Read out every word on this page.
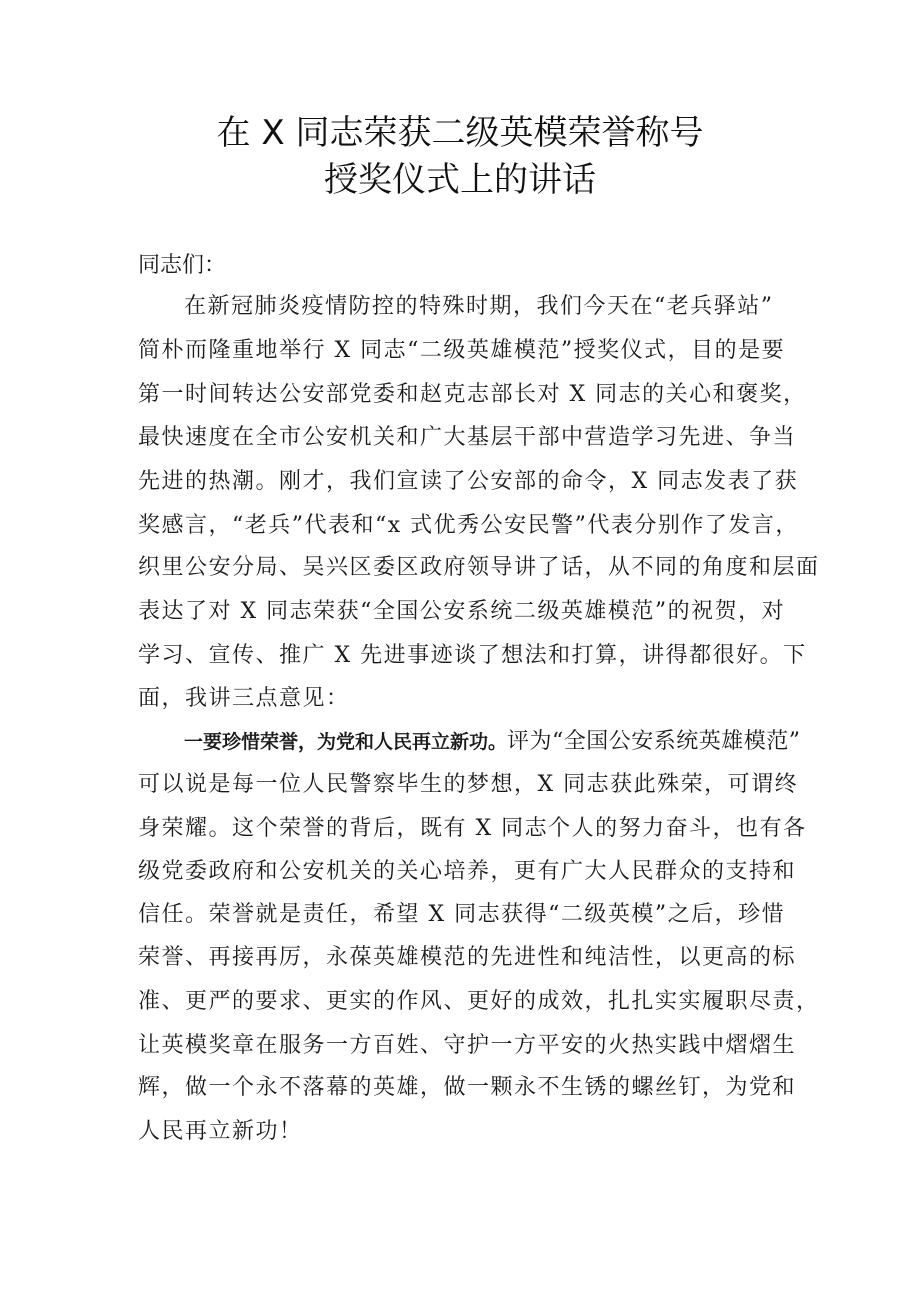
在 X 同志荣获二级英模荣誉称号
授奖仪式上的讲话
同志们：
在新冠肺炎疫情防控的特殊时期，我们今天在“老兵驿站”
简朴而隆重地举行 X 同志“二级英雄模范”授奖仪式，目的是要
第一时间转达公安部党委和赵克志部长对 X 同志的关心和褒奖，
最快速度在全市公安机关和广大基层干部中营造学习先进、争当
先进的热潮。刚才，我们宣读了公安部的命令，X 同志发表了获
奖感言，“老兵”代表和“x 式优秀公安民警”代表分别作了发言，
织里公安分局、吴兴区委区政府领导讲了话，从不同的角度和层面
表达了对 X 同志荣获“全国公安系统二级英雄模范”的祝贺，对
学习、宣传、推广 X 先进事迹谈了想法和打算，讲得都很好。下
面，我讲三点意见：
一要珍惜荣誉，为党和人民再立新功。评为“全国公安系统英雄模范”
可以说是每一位人民警察毕生的梦想，X 同志获此殊荣，可谓终
身荣耀。这个荣誉的背后，既有 X 同志个人的努力奋斗，也有各
级党委政府和公安机关的关心培养，更有广大人民群众的支持和
信任。荣誉就是责任，希望 X 同志获得“二级英模”之后，珍惜
荣誉、再接再厉，永葆英雄模范的先进性和纯洁性，以更高的标
准、更严的要求、更实的作风、更好的成效，扎扎实实履职尽责，
让英模奖章在服务一方百姓、守护一方平安的火热实践中熠熠生
辉，做一个永不落幕的英雄，做一颗永不生锈的螺丝钉，为党和
人民再立新功！
